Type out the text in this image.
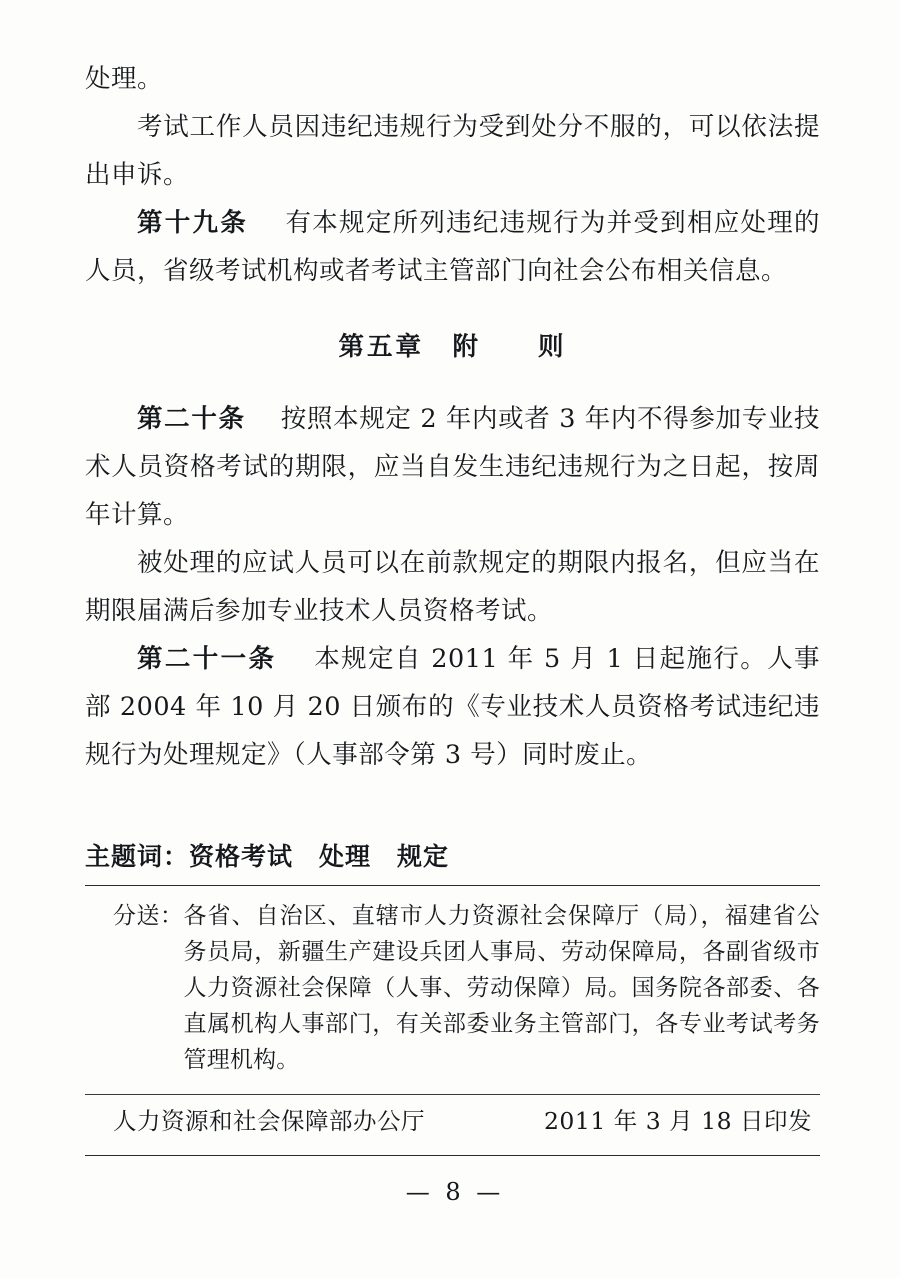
处理。

考试工作人员因违纪违规行为受到处分不服的，可以依法提出申诉。

第十九条 有本规定所列违纪违规行为并受到相应处理的人员，省级考试机构或者考试主管部门向社会公布相关信息。

第五章　附　　则

第二十条 按照本规定 2 年内或者 3 年内不得参加专业技术人员资格考试的期限，应当自发生违纪违规行为之日起，按周年计算。

被处理的应试人员可以在前款规定的期限内报名，但应当在期限届满后参加专业技术人员资格考试。

第二十一条 本规定自 2011 年 5 月 1 日起施行。人事部 2004 年 10 月 20 日颁布的《专业技术人员资格考试违纪违规行为处理规定》（人事部令第 3 号）同时废止。

主题词：资格考试　处理　规定
分送： 各省、自治区、直辖市人力资源社会保障厅（局），福建省公务员局，新疆生产建设兵团人事局、劳动保障局，各副省级市人力资源社会保障（人事、劳动保障）局。国务院各部委、各直属机构人事部门，有关部委业务主管部门，各专业考试考务管理机构。
人力资源和社会保障部办公厅	2011 年 3 月 18 日印发
— 8 —
